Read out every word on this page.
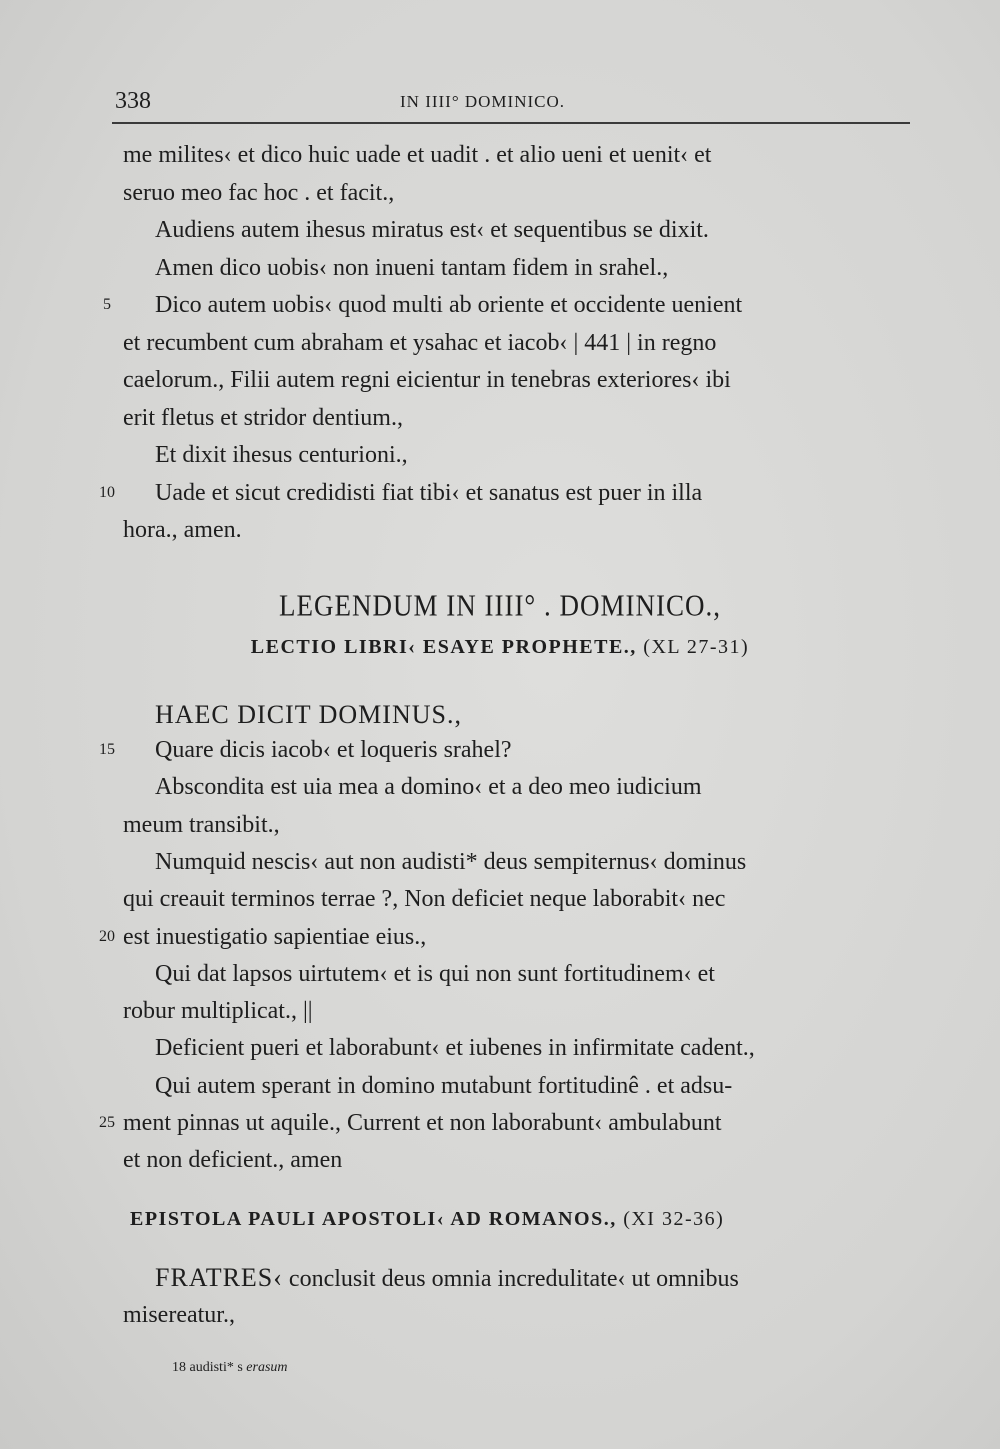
338	IN IIII° DOMINICO.
me milites‹ et dico huic uade et uadit . et alio ueni et uenit‹ et
seruo meo fac hoc . et facit.,
Audiens autem ihesus miratus est‹ et sequentibus se dixit.
Amen dico uobis‹ non inueni tantam fidem in srahel.,
Dico autem uobis‹ quod multi ab oriente et occidente uenient
5
et recumbent cum abraham et ysahac et iacob‹ | 441 | in regno
caelorum., Filii autem regni eicientur in tenebras exteriores‹ ibi
erit fletus et stridor dentium.,
Et dixit ihesus centurioni.,
Uade et sicut credidisti fiat tibi‹ et sanatus est puer in illa
10
hora., amen.
LEGENDUM IN IIII° . DOMINICO.,
LECTIO LIBRI‹ ESAYE PROPHETE., (XL 27-31)
HAEC DICIT DOMINUS.,
Quare dicis iacob‹ et loqueris srahel?
15
Abscondita est uia mea a domino‹ et a deo meo iudicium
meum transibit.,
Numquid nescis‹ aut non audisti* deus sempiternus‹ dominus
qui creauit terminos terrae ?, Non deficiet neque laborabit‹ nec
est inuestigatio sapientiae eius.,
20
Qui dat lapsos uirtutem‹ et is qui non sunt fortitudinem‹ et
robur multiplicat., ||
Deficient pueri et laborabunt‹ et iubenes in infirmitate cadent.,
Qui autem sperant in domino mutabunt fortitudinê . et adsu-
ment pinnas ut aquile., Current et non laborabunt‹ ambulabunt
25
et non deficient., amen
EPISTOLA PAULI APOSTOLI‹ AD ROMANOS., (XI 32-36)
FRATRES‹ conclusit deus omnia incredulitate‹ ut omnibus
misereatur.,
18 audisti* s erasum
